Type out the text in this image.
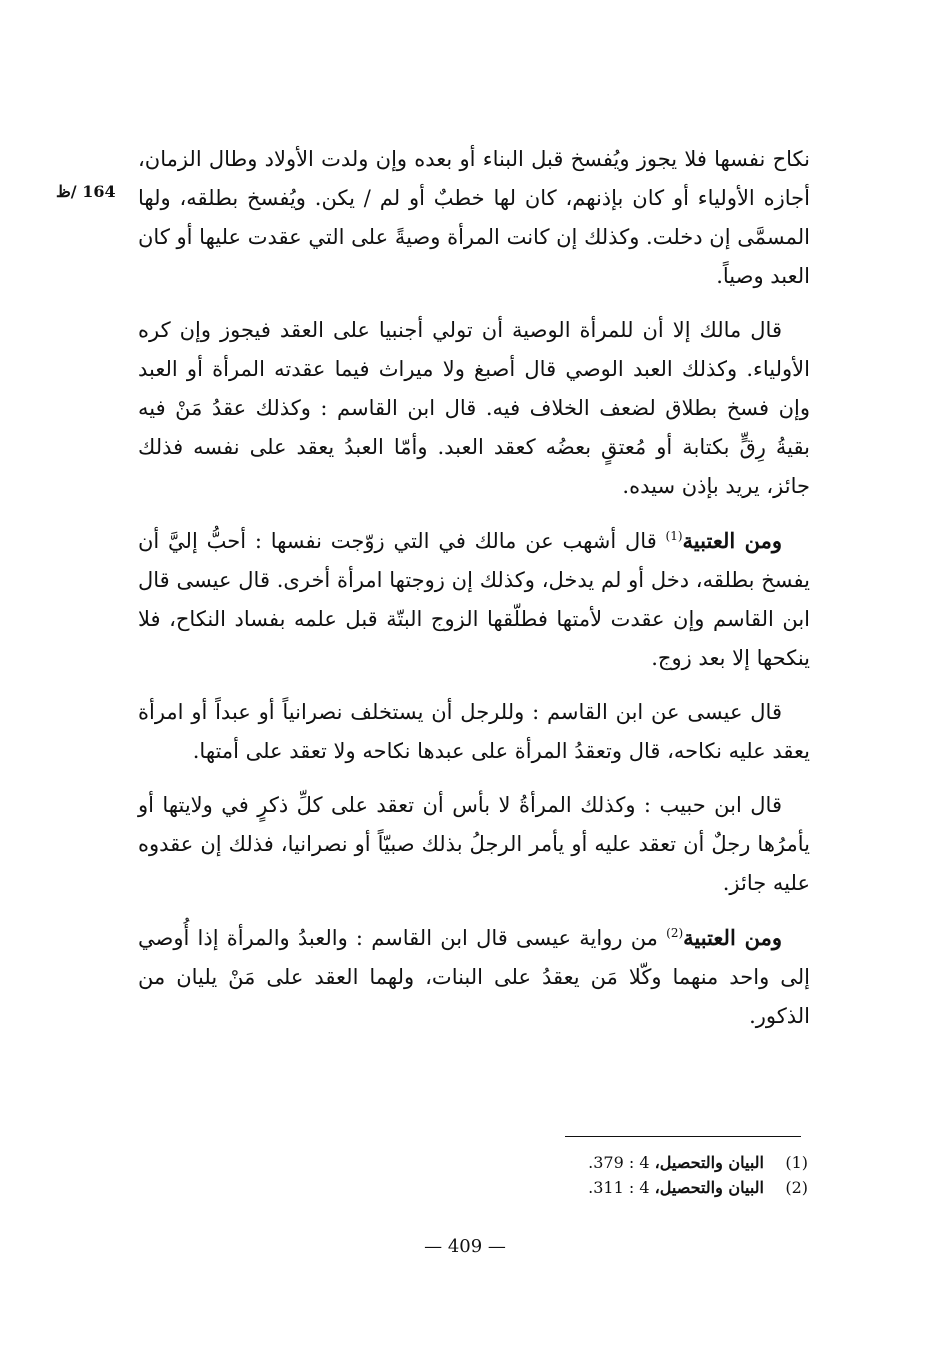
164 /ظ

نكاح نفسها فلا يجوز ويُفسخ قبل البناء أو بعده وإن ولدت الأولاد وطال الزمان، أجازه الأولياء أو كان بإذنهم، كان لها خطبٌ أو لم / يكن. ويُفسخ بطلقه، ولها المسمَّى إن دخلت. وكذلك إن كانت المرأة وصيةً على التي عقدت عليها أو كان العبد وصياً.

قال مالك إلا أن للمرأة الوصية أن تولي أجنبيا على العقد فيجوز وإن كره الأولياء. وكذلك العبد الوصي قال أصبغ ولا ميراث فيما عقدته المرأة أو العبد وإن فسخ بطلاق لضعف الخلاف فيه. قال ابن القاسم : وكذلك عقدُ مَنْ فيه بقيةُ رِقٍّ بكتابة أو مُعتقٍ بعضُه كعقد العبد. وأمّا العبدُ يعقد على نفسه فذلك جائز، يريد بإذن سيده.

ومن العتبية$^{(1)}$ قال أشهب عن مالك في التي زوّجت نفسها : أحبُّ إليَّ أن يفسخ بطلقه، دخل أو لم يدخل، وكذلك إن زوجتها امرأة أخرى. قال عيسى قال ابن القاسم وإن عقدت لأمتها فطلّقها الزوج البتّة قبل علمه بفساد النكاح، فلا ينكحها إلا بعد زوج.

قال عيسى عن ابن القاسم : وللرجل أن يستخلف نصرانياً أو عبداً أو امرأة يعقد عليه نكاحه، قال وتعقدُ المرأة على عبدها نكاحه ولا تعقد على أمتها.

قال ابن حبيب : وكذلك المرأةُ لا بأس أن تعقد على كلِّ ذكرٍ في ولايتها أو يأمرُها رجلٌ أن تعقد عليه أو يأمر الرجلُ بذلك صبيّاً أو نصرانيا، فذلك إن عقدوه عليه جائز.

ومن العتبية$^{(2)}$ من رواية عيسى قال ابن القاسم : والعبدُ والمرأة إذا أُوصي إلى واحد منهما وكّلا مَن يعقدُ على البنات، ولهما العقد على مَنْ يليان من الذكور.

(1)
البيان والتحصيل، 4 : 379.
(2)
البيان والتحصيل، 4 : 311.
— 409 —
